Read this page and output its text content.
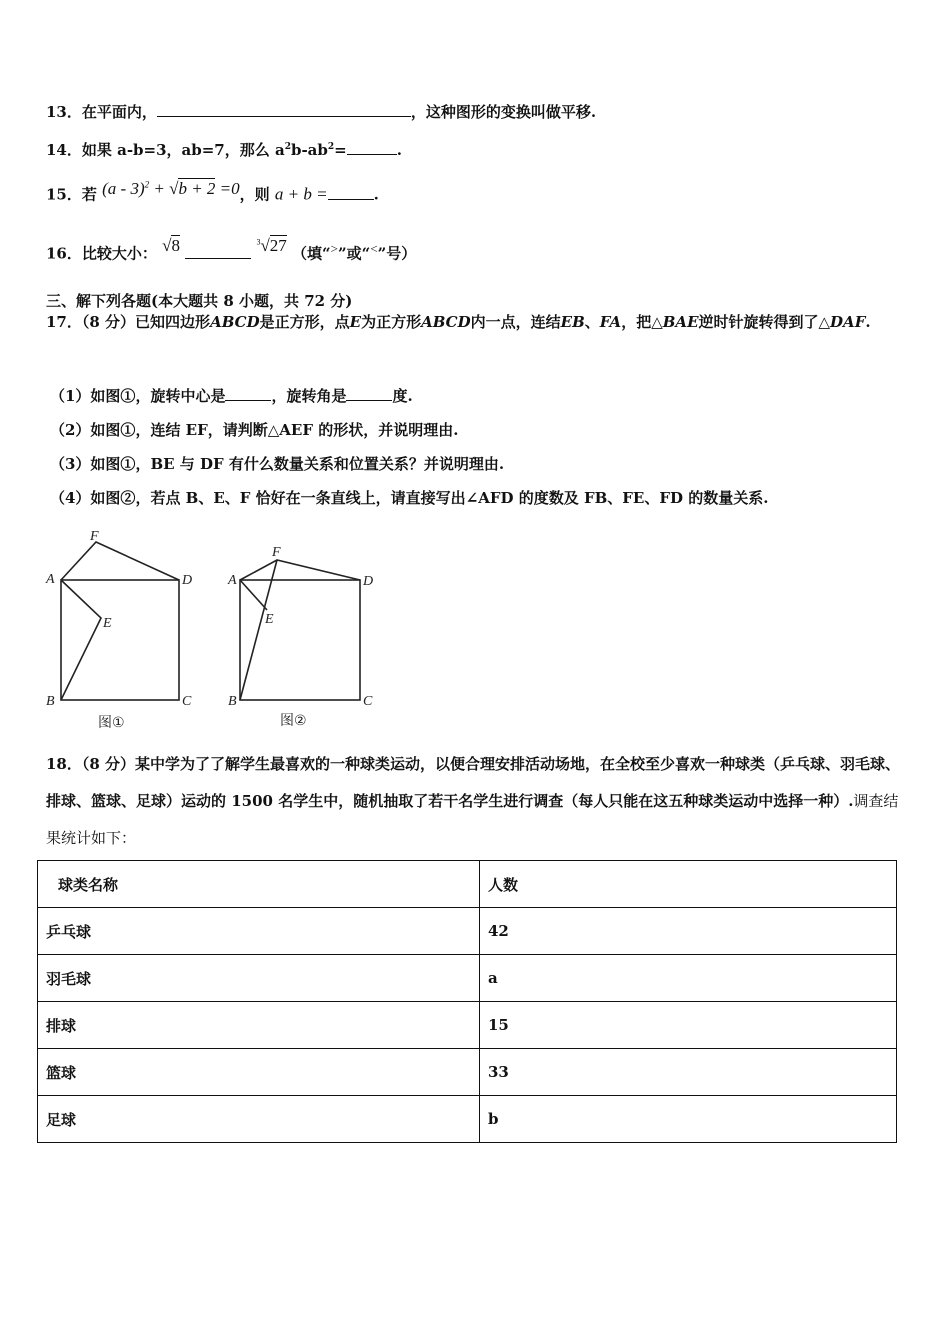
13．在平面内，	，这种图形的变换叫做平移.
14．如果 a-b=3，ab=7，那么 $a^2b-ab^2=$	.
15．若 (a - 3)$^2$ + √b + 2 =0，则 a + b =	.
16．比较大小： √8	$^3$√27 （填“>”或“<”号）
三、解下列各题(本大题共 8 小题，共 72 分)
17．（8 分）已知四边形ABCD是正方形，点E为正方形ABCD内一点，连结EB、FA，把△BAE逆时针旋转得到了△DAF.
（1）如图①，旋转中心是	，旋转角是	度.
（2）如图①，连结 EF，请判断△AEF 的形状，并说明理由.
（3）如图①，BE 与 DF 有什么数量关系和位置关系？并说明理由.
（4）如图②，若点 B、E、F 恰好在一条直线上，请直接写出∠AFD 的度数及 FB、FE、FD 的数量关系.
F
A	D
E
B	C
图①
F
A	D
E
B	C
图②
18．（8 分）某中学为了了解学生最喜欢的一种球类运动，以便合理安排活动场地，在全校至少喜欢一种球类（乒乓球、羽毛球、排球、篮球、足球）运动的 1500 名学生中，随机抽取了若干名学生进行调查（每人只能在这五种球类运动中选择一种）.调查结果统计如下：
球类名称	人数
乒乓球	42
羽毛球	a
排球	15
篮球	33
足球	b
